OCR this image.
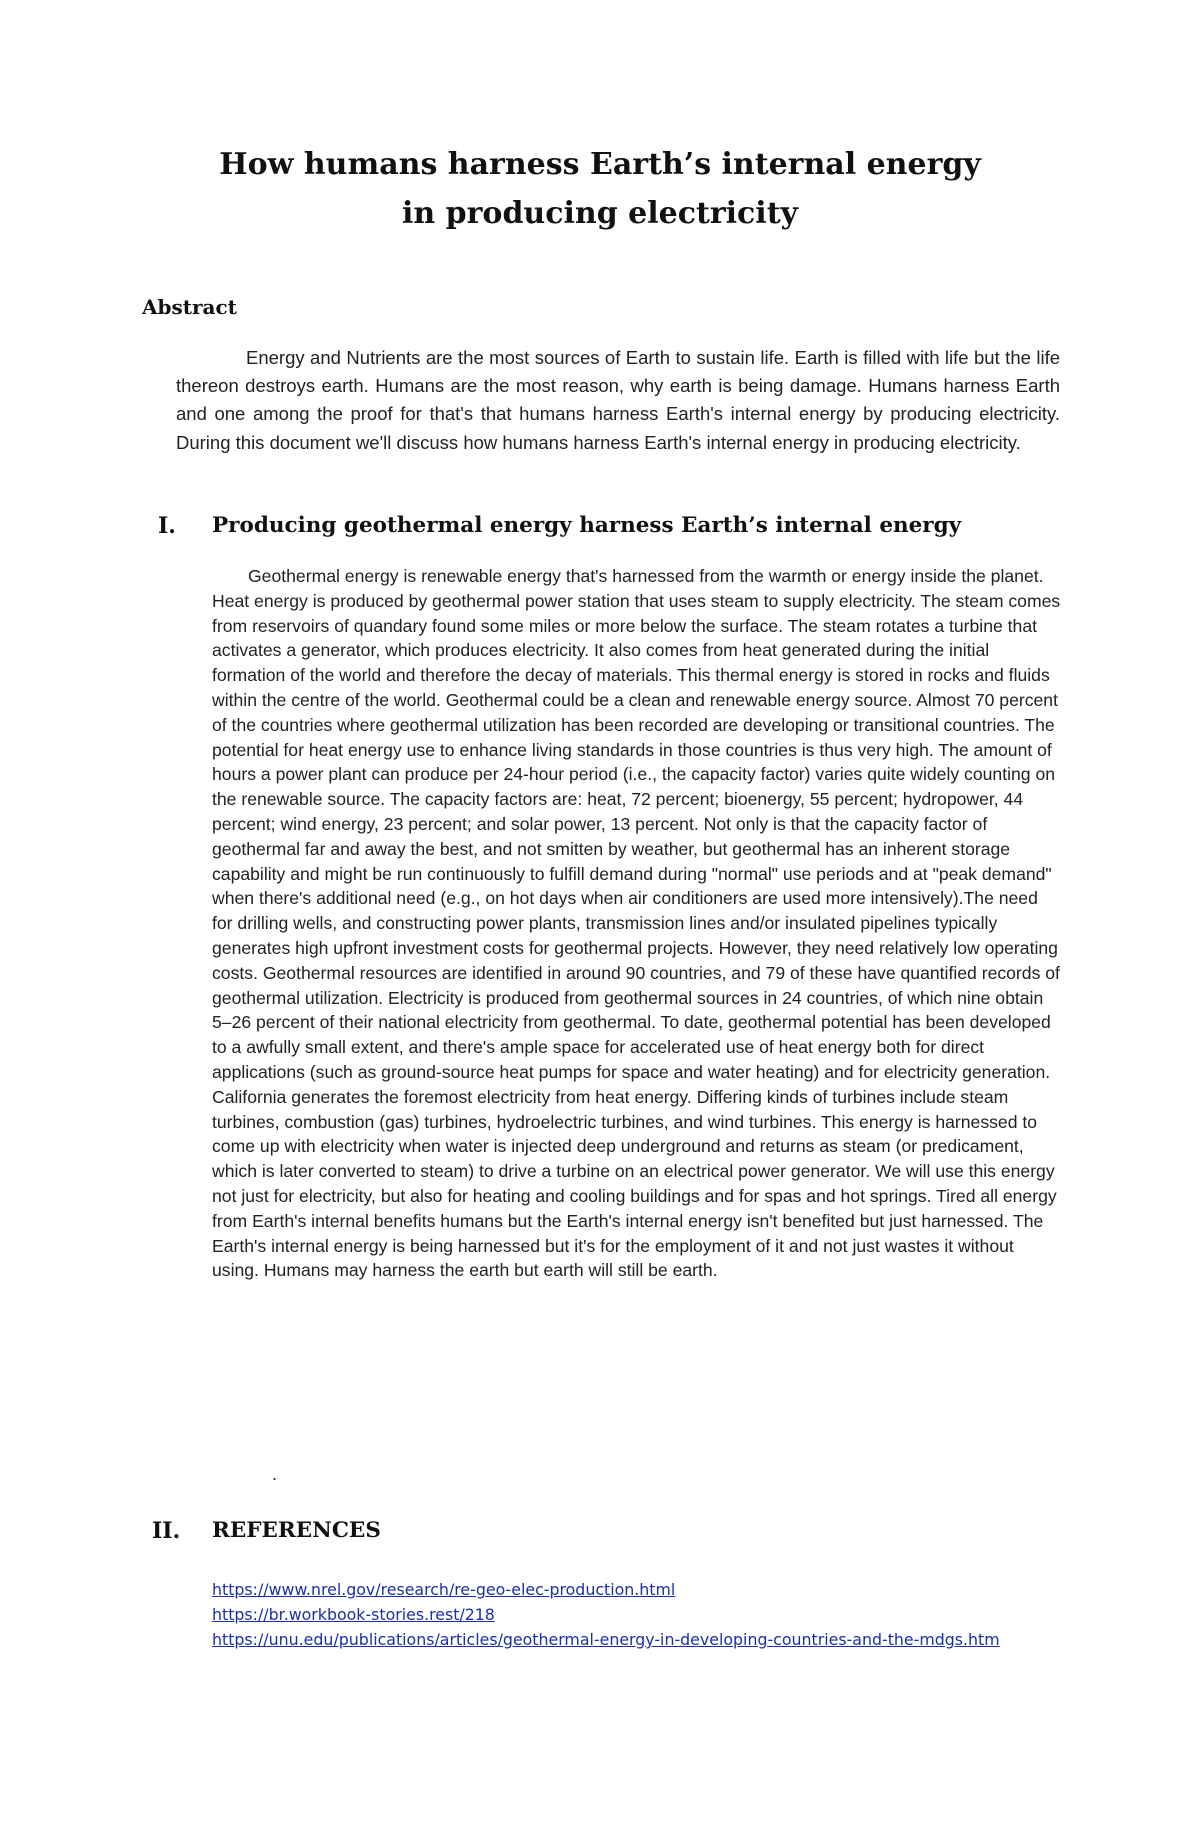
How humans harness Earth’s internal energy in producing electricity
Abstract

Energy and Nutrients are the most sources of Earth to sustain life. Earth is filled with life but the life thereon destroys earth. Humans are the most reason, why earth is being damage. Humans harness Earth and one among the proof for that's that humans harness Earth's internal energy by producing electricity. During this document we'll discuss how humans harness Earth's internal energy in producing electricity.

I. Producing geothermal energy harness Earth’s internal energy

Geothermal energy is renewable energy that's harnessed from the warmth or energy inside the planet. Heat energy is produced by geothermal power station that uses steam to supply electricity. The steam comes from reservoirs of quandary found some miles or more below the surface. The steam rotates a turbine that activates a generator, which produces electricity. It also comes from heat generated during the initial formation of the world and therefore the decay of materials. This thermal energy is stored in rocks and fluids within the centre of the world. Geothermal could be a clean and renewable energy source. Almost 70 percent of the countries where geothermal utilization has been recorded are developing or transitional countries. The potential for heat energy use to enhance living standards in those countries is thus very high. The amount of hours a power plant can produce per 24-hour period (i.e., the capacity factor) varies quite widely counting on the renewable source. The capacity factors are: heat, 72 percent; bioenergy, 55 percent; hydropower, 44 percent; wind energy, 23 percent; and solar power, 13 percent. Not only is that the capacity factor of geothermal far and away the best, and not smitten by weather, but geothermal has an inherent storage capability and might be run continuously to fulfill demand during "normal" use periods and at "peak demand" when there's additional need (e.g., on hot days when air conditioners are used more intensively).The need for drilling wells, and constructing power plants, transmission lines and/or insulated pipelines typically generates high upfront investment costs for geothermal projects. However, they need relatively low operating costs. Geothermal resources are identified in around 90 countries, and 79 of these have quantified records of geothermal utilization. Electricity is produced from geothermal sources in 24 countries, of which nine obtain 5–26 percent of their national electricity from geothermal. To date, geothermal potential has been developed to a awfully small extent, and there's ample space for accelerated use of heat energy both for direct applications (such as ground-source heat pumps for space and water heating) and for electricity generation. California generates the foremost electricity from heat energy. Differing kinds of turbines include steam turbines, combustion (gas) turbines, hydroelectric turbines, and wind turbines. This energy is harnessed to come up with electricity when water is injected deep underground and returns as steam (or predicament, which is later converted to steam) to drive a turbine on an electrical power generator. We will use this energy not just for electricity, but also for heating and cooling buildings and for spas and hot springs. Tired all energy from Earth's internal benefits humans but the Earth's internal energy isn't benefited but just harnessed. The Earth's internal energy is being harnessed but it's for the employment of it and not just wastes it without using. Humans may harness the earth but earth will still be earth.

.
II. REFERENCES
https://www.nrel.gov/research/re-geo-elec-production.html
https://br.workbook-stories.rest/218
https://unu.edu/publications/articles/geothermal-energy-in-developing-countries-and-the-mdgs.htm
